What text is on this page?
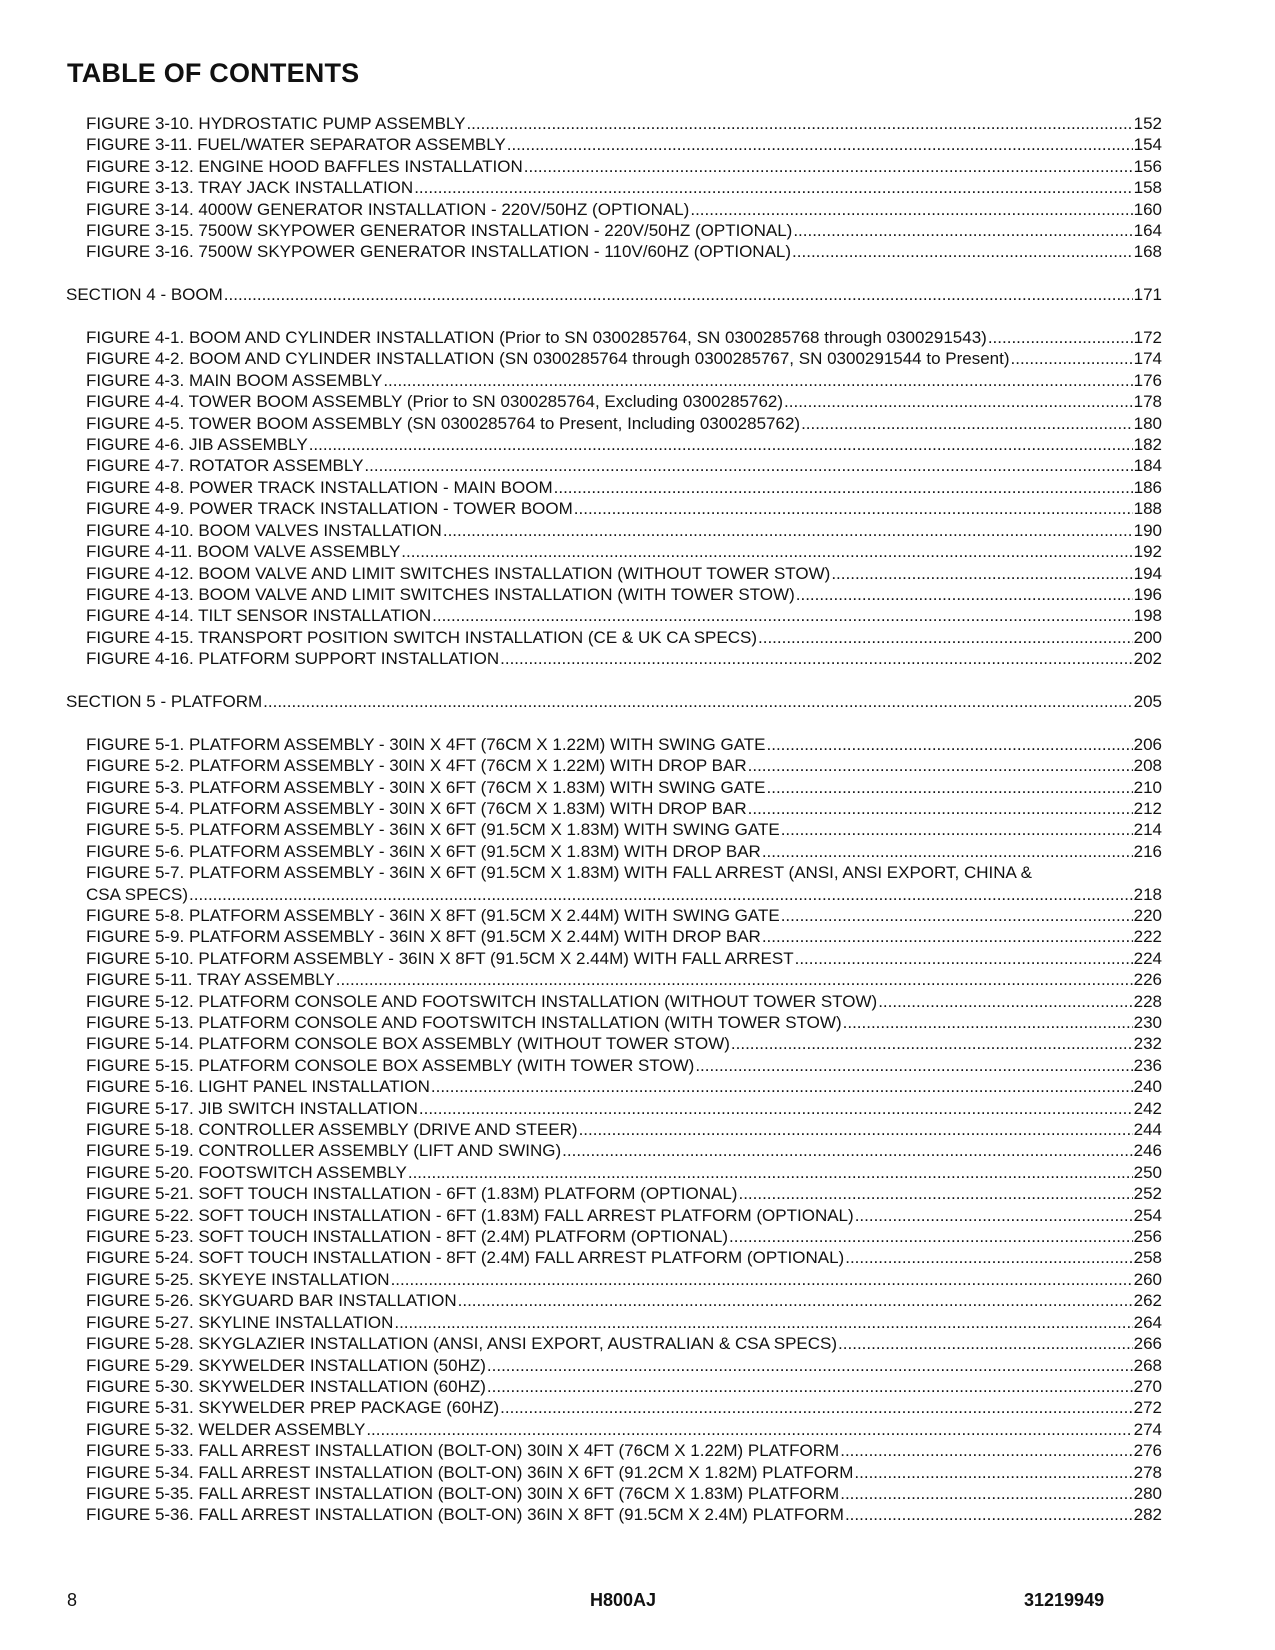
TABLE OF CONTENTS
FIGURE 3-10. HYDROSTATIC PUMP ASSEMBLY .....	152
FIGURE 3-11. FUEL/WATER SEPARATOR ASSEMBLY .....	154
FIGURE 3-12. ENGINE HOOD BAFFLES INSTALLATION .....	156
FIGURE 3-13. TRAY JACK INSTALLATION .....	158
FIGURE 3-14. 4000W GENERATOR INSTALLATION - 220V/50HZ (OPTIONAL) .....	160
FIGURE 3-15. 7500W SKYPOWER GENERATOR INSTALLATION - 220V/50HZ (OPTIONAL) .....	164
FIGURE 3-16. 7500W SKYPOWER GENERATOR INSTALLATION - 110V/60HZ (OPTIONAL) .....	168
SECTION 4 - BOOM .....	171
FIGURE 4-1. BOOM AND CYLINDER INSTALLATION (Prior to SN 0300285764, SN 0300285768 through 0300291543) .....	172
FIGURE 4-2. BOOM AND CYLINDER INSTALLATION (SN 0300285764 through 0300285767, SN 0300291544 to Present) .....	174
FIGURE 4-3. MAIN BOOM ASSEMBLY .....	176
FIGURE 4-4. TOWER BOOM ASSEMBLY (Prior to SN 0300285764, Excluding 0300285762) .....	178
FIGURE 4-5. TOWER BOOM ASSEMBLY (SN 0300285764 to Present, Including 0300285762) .....	180
FIGURE 4-6. JIB ASSEMBLY .....	182
FIGURE 4-7. ROTATOR ASSEMBLY .....	184
FIGURE 4-8. POWER TRACK INSTALLATION - MAIN BOOM .....	186
FIGURE 4-9. POWER TRACK INSTALLATION - TOWER BOOM .....	188
FIGURE 4-10. BOOM VALVES INSTALLATION .....	190
FIGURE 4-11. BOOM VALVE ASSEMBLY .....	192
FIGURE 4-12. BOOM VALVE AND LIMIT SWITCHES INSTALLATION (WITHOUT TOWER STOW) .....	194
FIGURE 4-13. BOOM VALVE AND LIMIT SWITCHES INSTALLATION (WITH TOWER STOW) .....	196
FIGURE 4-14. TILT SENSOR INSTALLATION .....	198
FIGURE 4-15. TRANSPORT POSITION SWITCH INSTALLATION (CE & UK CA SPECS) .....	200
FIGURE 4-16. PLATFORM SUPPORT INSTALLATION .....	202
SECTION 5 - PLATFORM .....	205
FIGURE 5-1. PLATFORM ASSEMBLY - 30IN X 4FT (76CM X 1.22M) WITH SWING GATE .....	206
FIGURE 5-2. PLATFORM ASSEMBLY - 30IN X 4FT (76CM X 1.22M) WITH DROP BAR .....	208
FIGURE 5-3. PLATFORM ASSEMBLY - 30IN X 6FT (76CM X 1.83M) WITH SWING GATE .....	210
FIGURE 5-4. PLATFORM ASSEMBLY - 30IN X 6FT (76CM X 1.83M) WITH DROP BAR .....	212
FIGURE 5-5. PLATFORM ASSEMBLY - 36IN X 6FT (91.5CM X 1.83M) WITH SWING GATE .....	214
FIGURE 5-6. PLATFORM ASSEMBLY - 36IN X 6FT (91.5CM X 1.83M) WITH DROP BAR .....	216
FIGURE 5-7. PLATFORM ASSEMBLY - 36IN X 6FT (91.5CM X 1.83M) WITH FALL ARREST (ANSI, ANSI EXPORT, CHINA &
CSA SPECS) .....	218
FIGURE 5-8. PLATFORM ASSEMBLY - 36IN X 8FT (91.5CM X 2.44M) WITH SWING GATE .....	220
FIGURE 5-9. PLATFORM ASSEMBLY - 36IN X 8FT (91.5CM X 2.44M) WITH DROP BAR .....	222
FIGURE 5-10. PLATFORM ASSEMBLY - 36IN X 8FT (91.5CM X 2.44M) WITH FALL ARREST .....	224
FIGURE 5-11. TRAY ASSEMBLY .....	226
FIGURE 5-12. PLATFORM CONSOLE AND FOOTSWITCH INSTALLATION (WITHOUT TOWER STOW) .....	228
FIGURE 5-13. PLATFORM CONSOLE AND FOOTSWITCH INSTALLATION (WITH TOWER STOW) .....	230
FIGURE 5-14. PLATFORM CONSOLE BOX ASSEMBLY (WITHOUT TOWER STOW) .....	232
FIGURE 5-15. PLATFORM CONSOLE BOX ASSEMBLY (WITH TOWER STOW) .....	236
FIGURE 5-16. LIGHT PANEL INSTALLATION .....	240
FIGURE 5-17. JIB SWITCH INSTALLATION .....	242
FIGURE 5-18. CONTROLLER ASSEMBLY (DRIVE AND STEER) .....	244
FIGURE 5-19. CONTROLLER ASSEMBLY (LIFT AND SWING) .....	246
FIGURE 5-20. FOOTSWITCH ASSEMBLY .....	250
FIGURE 5-21. SOFT TOUCH INSTALLATION - 6FT (1.83M) PLATFORM (OPTIONAL) .....	252
FIGURE 5-22. SOFT TOUCH INSTALLATION - 6FT (1.83M) FALL ARREST PLATFORM (OPTIONAL) .....	254
FIGURE 5-23. SOFT TOUCH INSTALLATION - 8FT (2.4M) PLATFORM (OPTIONAL) .....	256
FIGURE 5-24. SOFT TOUCH INSTALLATION - 8FT (2.4M) FALL ARREST PLATFORM (OPTIONAL) .....	258
FIGURE 5-25. SKYEYE INSTALLATION .....	260
FIGURE 5-26. SKYGUARD BAR INSTALLATION .....	262
FIGURE 5-27. SKYLINE INSTALLATION .....	264
FIGURE 5-28. SKYGLAZIER INSTALLATION (ANSI, ANSI EXPORT, AUSTRALIAN & CSA SPECS) .....	266
FIGURE 5-29. SKYWELDER INSTALLATION (50HZ) .....	268
FIGURE 5-30. SKYWELDER INSTALLATION (60HZ) .....	270
FIGURE 5-31. SKYWELDER PREP PACKAGE (60HZ) .....	272
FIGURE 5-32. WELDER ASSEMBLY .....	274
FIGURE 5-33. FALL ARREST INSTALLATION (BOLT-ON) 30IN X 4FT (76CM X 1.22M) PLATFORM .....	276
FIGURE 5-34. FALL ARREST INSTALLATION (BOLT-ON) 36IN X 6FT (91.2CM X 1.82M) PLATFORM .....	278
FIGURE 5-35. FALL ARREST INSTALLATION (BOLT-ON) 30IN X 6FT (76CM X 1.83M) PLATFORM .....	280
FIGURE 5-36. FALL ARREST INSTALLATION (BOLT-ON) 36IN X 8FT (91.5CM X 2.4M) PLATFORM .....	282
8	H800AJ	31219949
